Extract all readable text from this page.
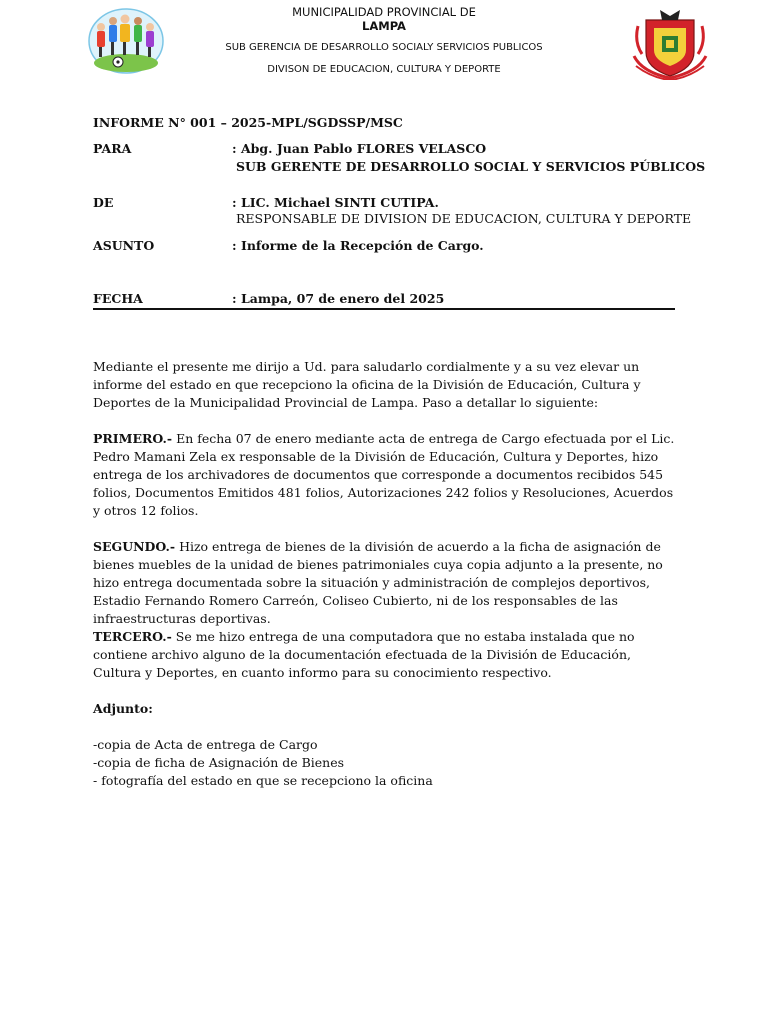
MUNICIPALIDAD PROVINCIAL DE
LAMPA
SUB GERENCIA DE DESARROLLO SOCIALY SERVICIOS PUBLICOS
DIVISON DE EDUCACION, CULTURA Y DEPORTE
INFORME N° 001 – 2025-MPL/SGDSSP/MSC
PARA	: Abg. Juan Pablo FLORES VELASCO
SUB GERENTE DE DESARROLLO SOCIAL Y SERVICIOS PÚBLICOS
DE	: LIC. Michael SINTI CUTIPA.
RESPONSABLE DE DIVISION DE EDUCACION, CULTURA Y DEPORTE
ASUNTO	: Informe de la Recepción de Cargo.
FECHA	: Lampa, 07 de enero del 2025

Mediante el presente me dirijo a Ud. para saludarlo cordialmente y a su vez elevar un informe del estado en que recepciono la oficina de la División de Educación, Cultura y Deportes de la Municipalidad Provincial de Lampa. Paso a detallar lo siguiente:

PRIMERO.- En fecha 07 de enero mediante acta de entrega de Cargo efectuada por el Lic. Pedro Mamani Zela ex responsable de la División de Educación, Cultura y Deportes, hizo entrega de los archivadores de documentos que corresponde a documentos recibidos 545 folios, Documentos Emitidos 481 folios, Autorizaciones 242 folios y Resoluciones, Acuerdos y otros 12 folios.

SEGUNDO.- Hizo entrega de bienes de la división de acuerdo a la ficha de asignación de bienes muebles de la unidad de bienes patrimoniales cuya copia adjunto a la presente, no hizo entrega documentada sobre la situación y administración de complejos deportivos, Estadio Fernando Romero Carreón, Coliseo Cubierto, ni de los responsables de las infraestructuras deportivas.

TERCERO.- Se me hizo entrega de una computadora que no estaba instalada que no contiene archivo alguno de la documentación efectuada de la División de Educación, Cultura y Deportes, en cuanto informo para su conocimiento respectivo.

Adjunto:
-copia de Acta de entrega de Cargo
-copia de ficha de Asignación de Bienes
- fotografía del estado en que se recepciono la oficina
